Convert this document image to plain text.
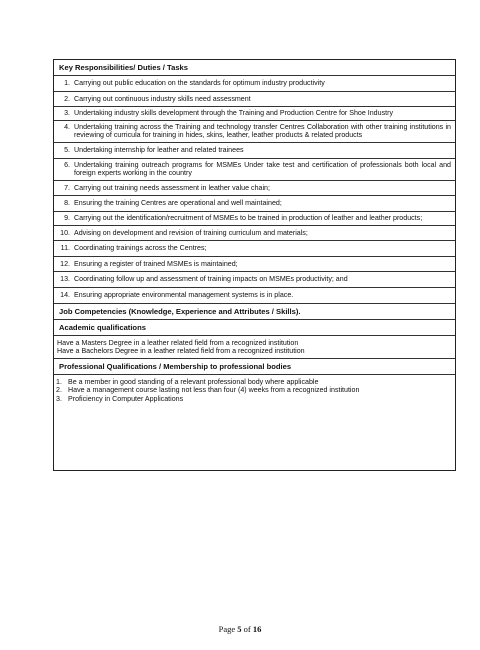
Key Responsibilities/ Duties / Tasks
1. Carrying out public education on the standards for optimum industry productivity
2. Carrying out continuous industry skills need assessment
3. Undertaking industry skills development through the Training and Production Centre for Shoe Industry
4. Undertaking training across the Training and technology transfer Centres Collaboration with other training institutions in reviewing of curricula for training in hides, skins, leather, leather products & related products
5. Undertaking internship for leather and related trainees
6. Undertaking training outreach programs for MSMEs Under take test and certification of professionals both local and foreign experts working in the country
7. Carrying out training needs assessment in leather value chain;
8. Ensuring the training Centres are operational and well maintained;
9. Carrying out the identification/recruitment of MSMEs to be trained in production of leather and leather products;
10. Advising on development and revision of training curriculum and materials;
11. Coordinating trainings across the Centres;
12. Ensuring a register of trained MSMEs is maintained;
13. Coordinating follow up and assessment of training impacts on MSMEs productivity; and
14. Ensuring appropriate environmental management systems is in place.
Job Competencies (Knowledge, Experience and Attributes / Skills).
Academic qualifications

Have a Masters Degree in a leather related field from a recognized institution

Have a Bachelors Degree in a leather related field from a recognized institution

Professional Qualifications / Membership to professional bodies
1. Be a member in good standing of a relevant professional body where applicable
2. Have a management course lasting not less than four (4) weeks from a recognized institution
3. Proficiency in Computer Applications
Page 5 of 16
